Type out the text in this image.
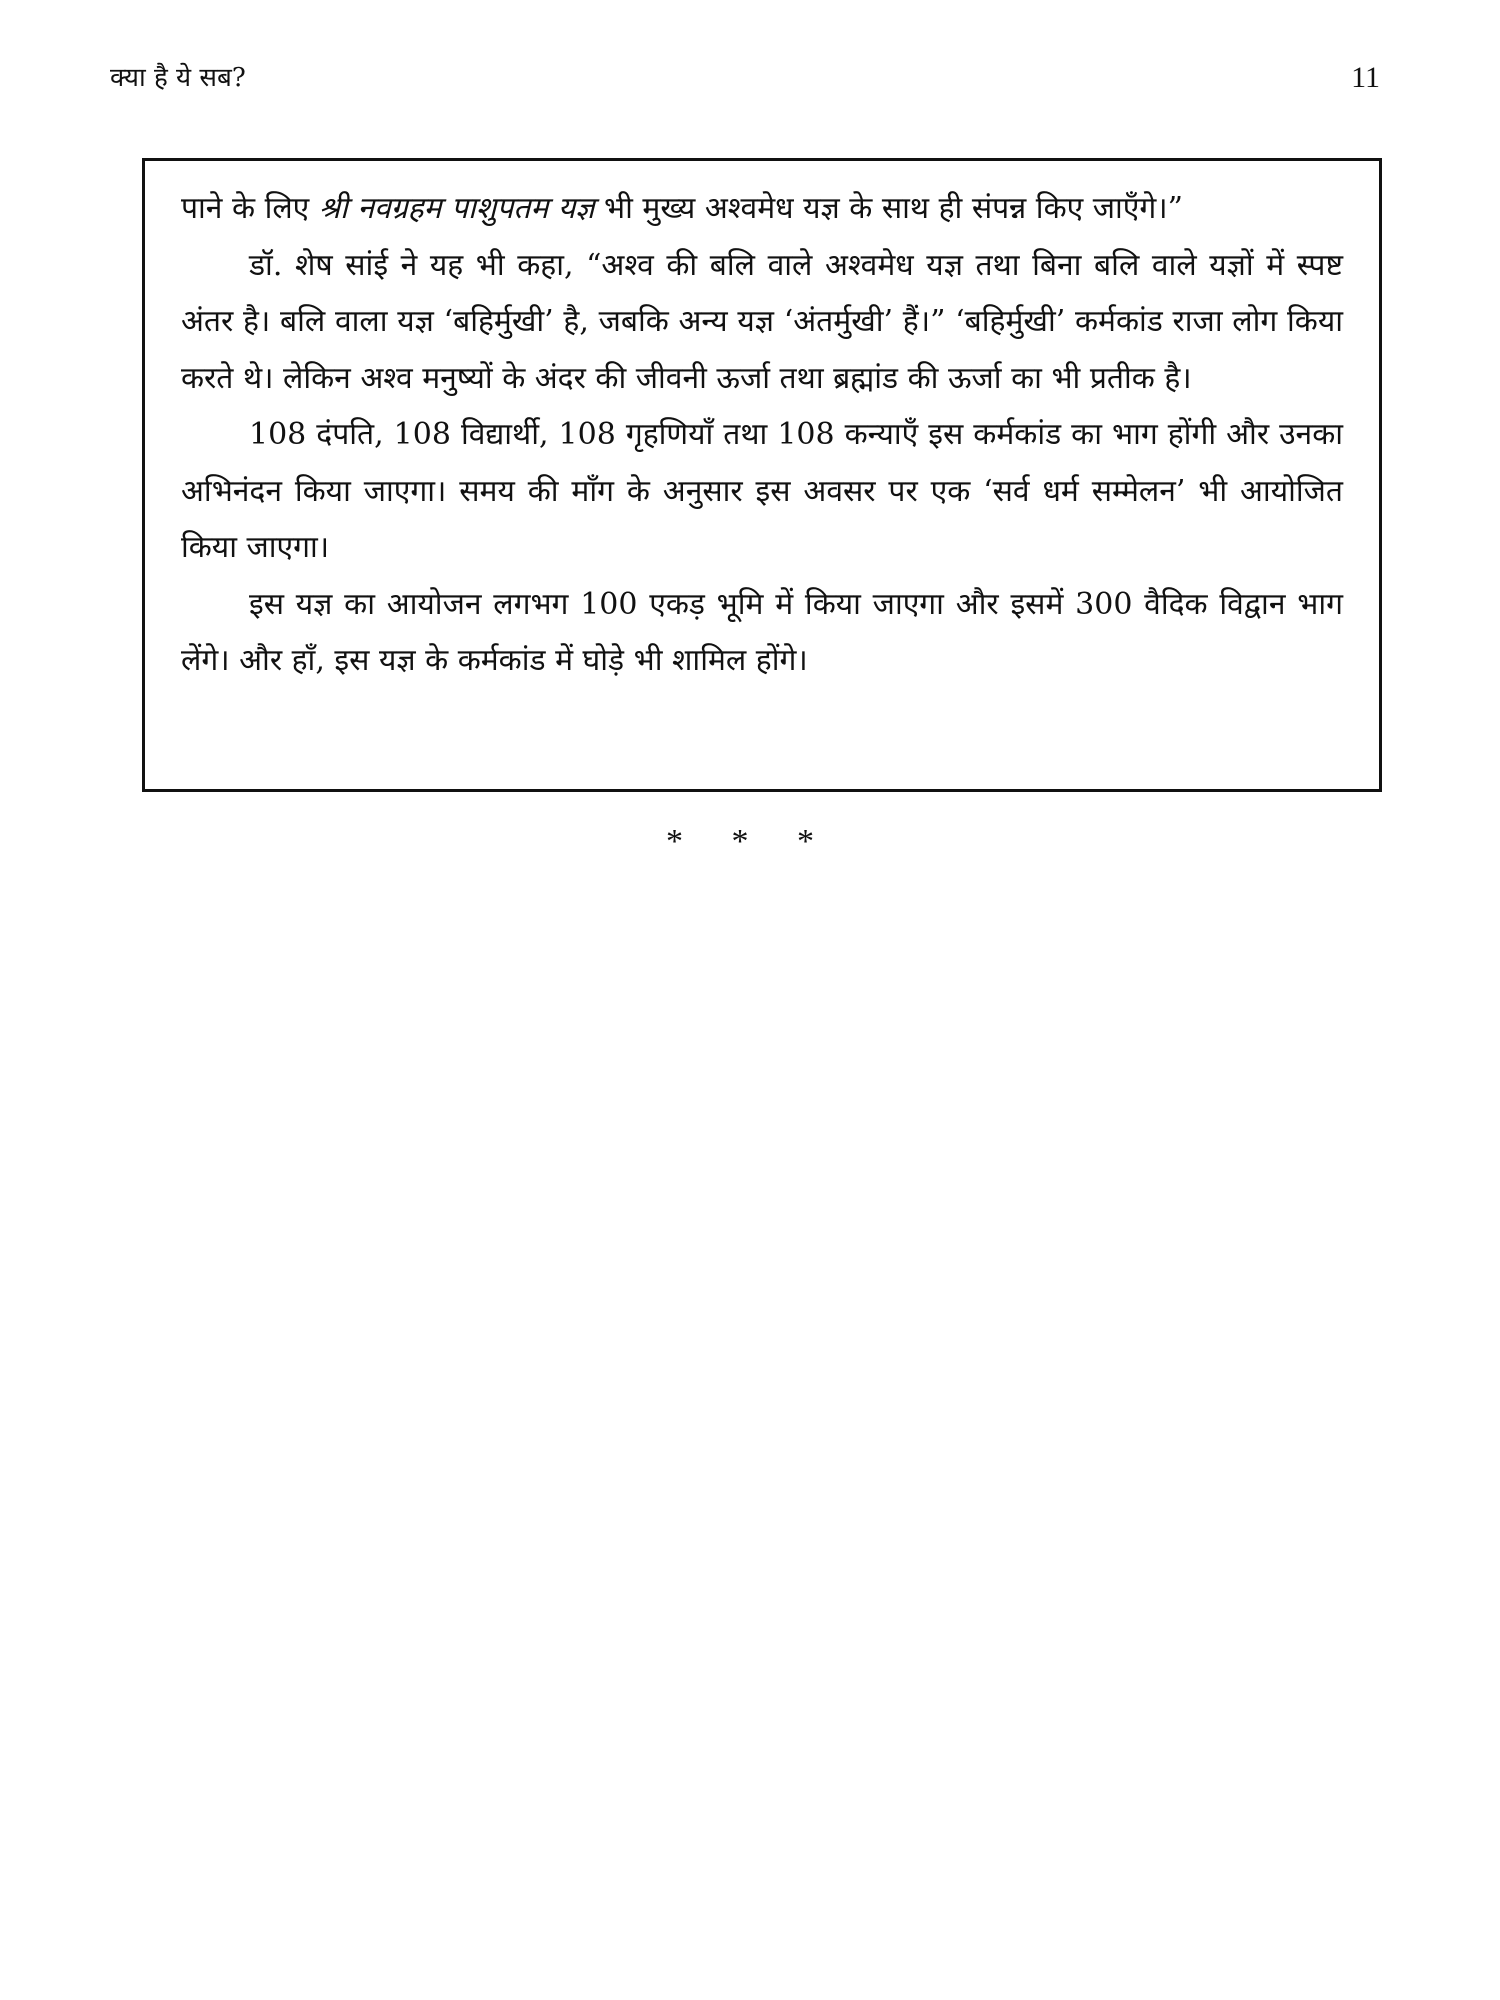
क्या है ये सब?	11

पाने के लिए श्री नवग्रहम पाशुपतम यज्ञ भी मुख्य अश्वमेध यज्ञ के साथ ही संपन्न किए जाएँगे।”

डॉ. शेष सांई ने यह भी कहा, “अश्व की बलि वाले अश्वमेध यज्ञ तथा बिना बलि वाले यज्ञों में स्पष्ट अंतर है। बलि वाला यज्ञ ‘बहिर्मुखी’ है, जबकि अन्य यज्ञ ‘अंतर्मुखी’ हैं।” ‘बहिर्मुखी’ कर्मकांड राजा लोग किया करते थे। लेकिन अश्व मनुष्यों के अंदर की जीवनी ऊर्जा तथा ब्रह्मांड की ऊर्जा का भी प्रतीक है।

108 दंपति, 108 विद्यार्थी, 108 गृहणियाँ तथा 108 कन्याएँ इस कर्मकांड का भाग होंगी और उनका अभिनंदन किया जाएगा। समय की माँग के अनुसार इस अवसर पर एक ‘सर्व धर्म सम्मेलन’ भी आयोजित किया जाएगा।

इस यज्ञ का आयोजन लगभग 100 एकड़ भूमि में किया जाएगा और इसमें 300 वैदिक विद्वान भाग लेंगे। और हाँ, इस यज्ञ के कर्मकांड में घोड़े भी शामिल होंगे।

* * *
